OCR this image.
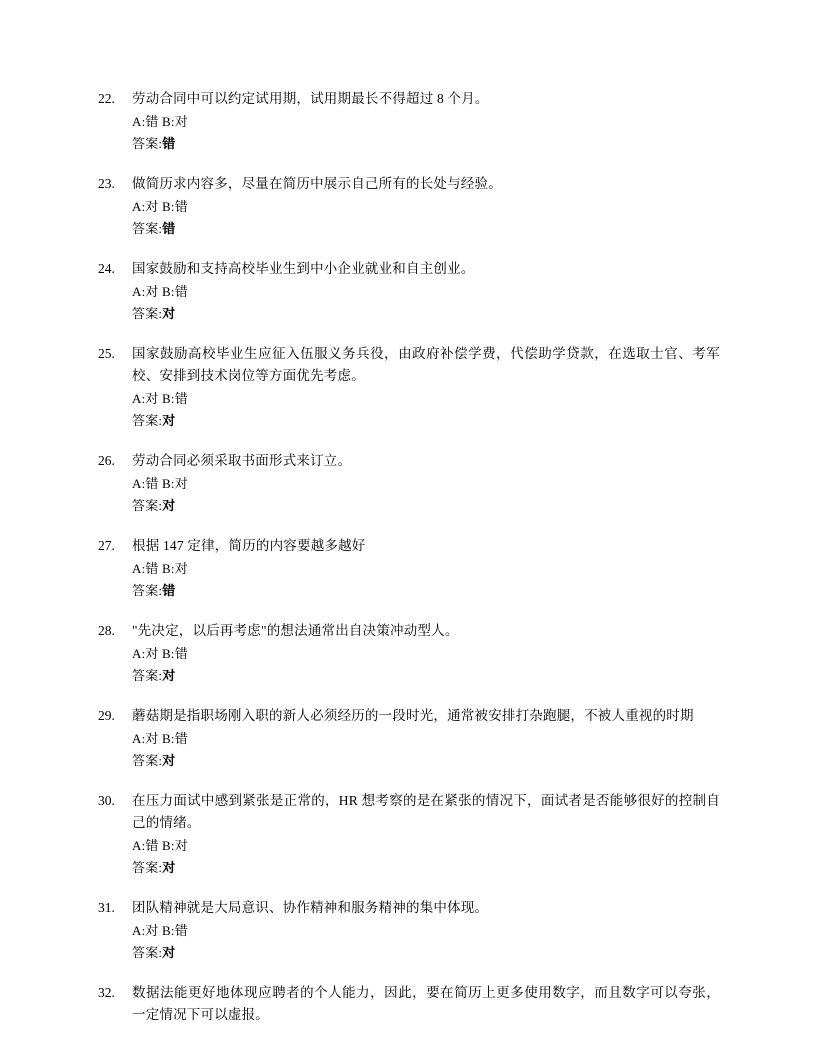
22.	劳动合同中可以约定试用期，试用期最长不得超过 8 个月。
A:错 B:对
答案:错
23.	做简历求内容多，尽量在简历中展示自己所有的长处与经验。
A:对 B:错
答案:错
24.	国家鼓励和支持高校毕业生到中小企业就业和自主创业。
A:对 B:错
答案:对
25.	国家鼓励高校毕业生应征入伍服义务兵役，由政府补偿学费，代偿助学贷款，在选取士官、考军校、安排到技术岗位等方面优先考虑。
A:对 B:错
答案:对
26.	劳动合同必须采取书面形式来订立。
A:错 B:对
答案:对
27.	根据 147 定律，简历的内容要越多越好
A:错 B:对
答案:错
28.	"先决定，以后再考虑"的想法通常出自决策冲动型人。
A:对 B:错
答案:对
29.	蘑菇期是指职场刚入职的新人必须经历的一段时光，通常被安排打杂跑腿，不被人重视的时期
A:对 B:错
答案:对
30.	在压力面试中感到紧张是正常的，HR 想考察的是在紧张的情况下，面试者是否能够很好的控制自己的情绪。
A:错 B:对
答案:对
31.	团队精神就是大局意识、协作精神和服务精神的集中体现。
A:对 B:错
答案:对
32.	数据法能更好地体现应聘者的个人能力，因此，要在简历上更多使用数字，而且数字可以夸张，一定情况下可以虚报。
